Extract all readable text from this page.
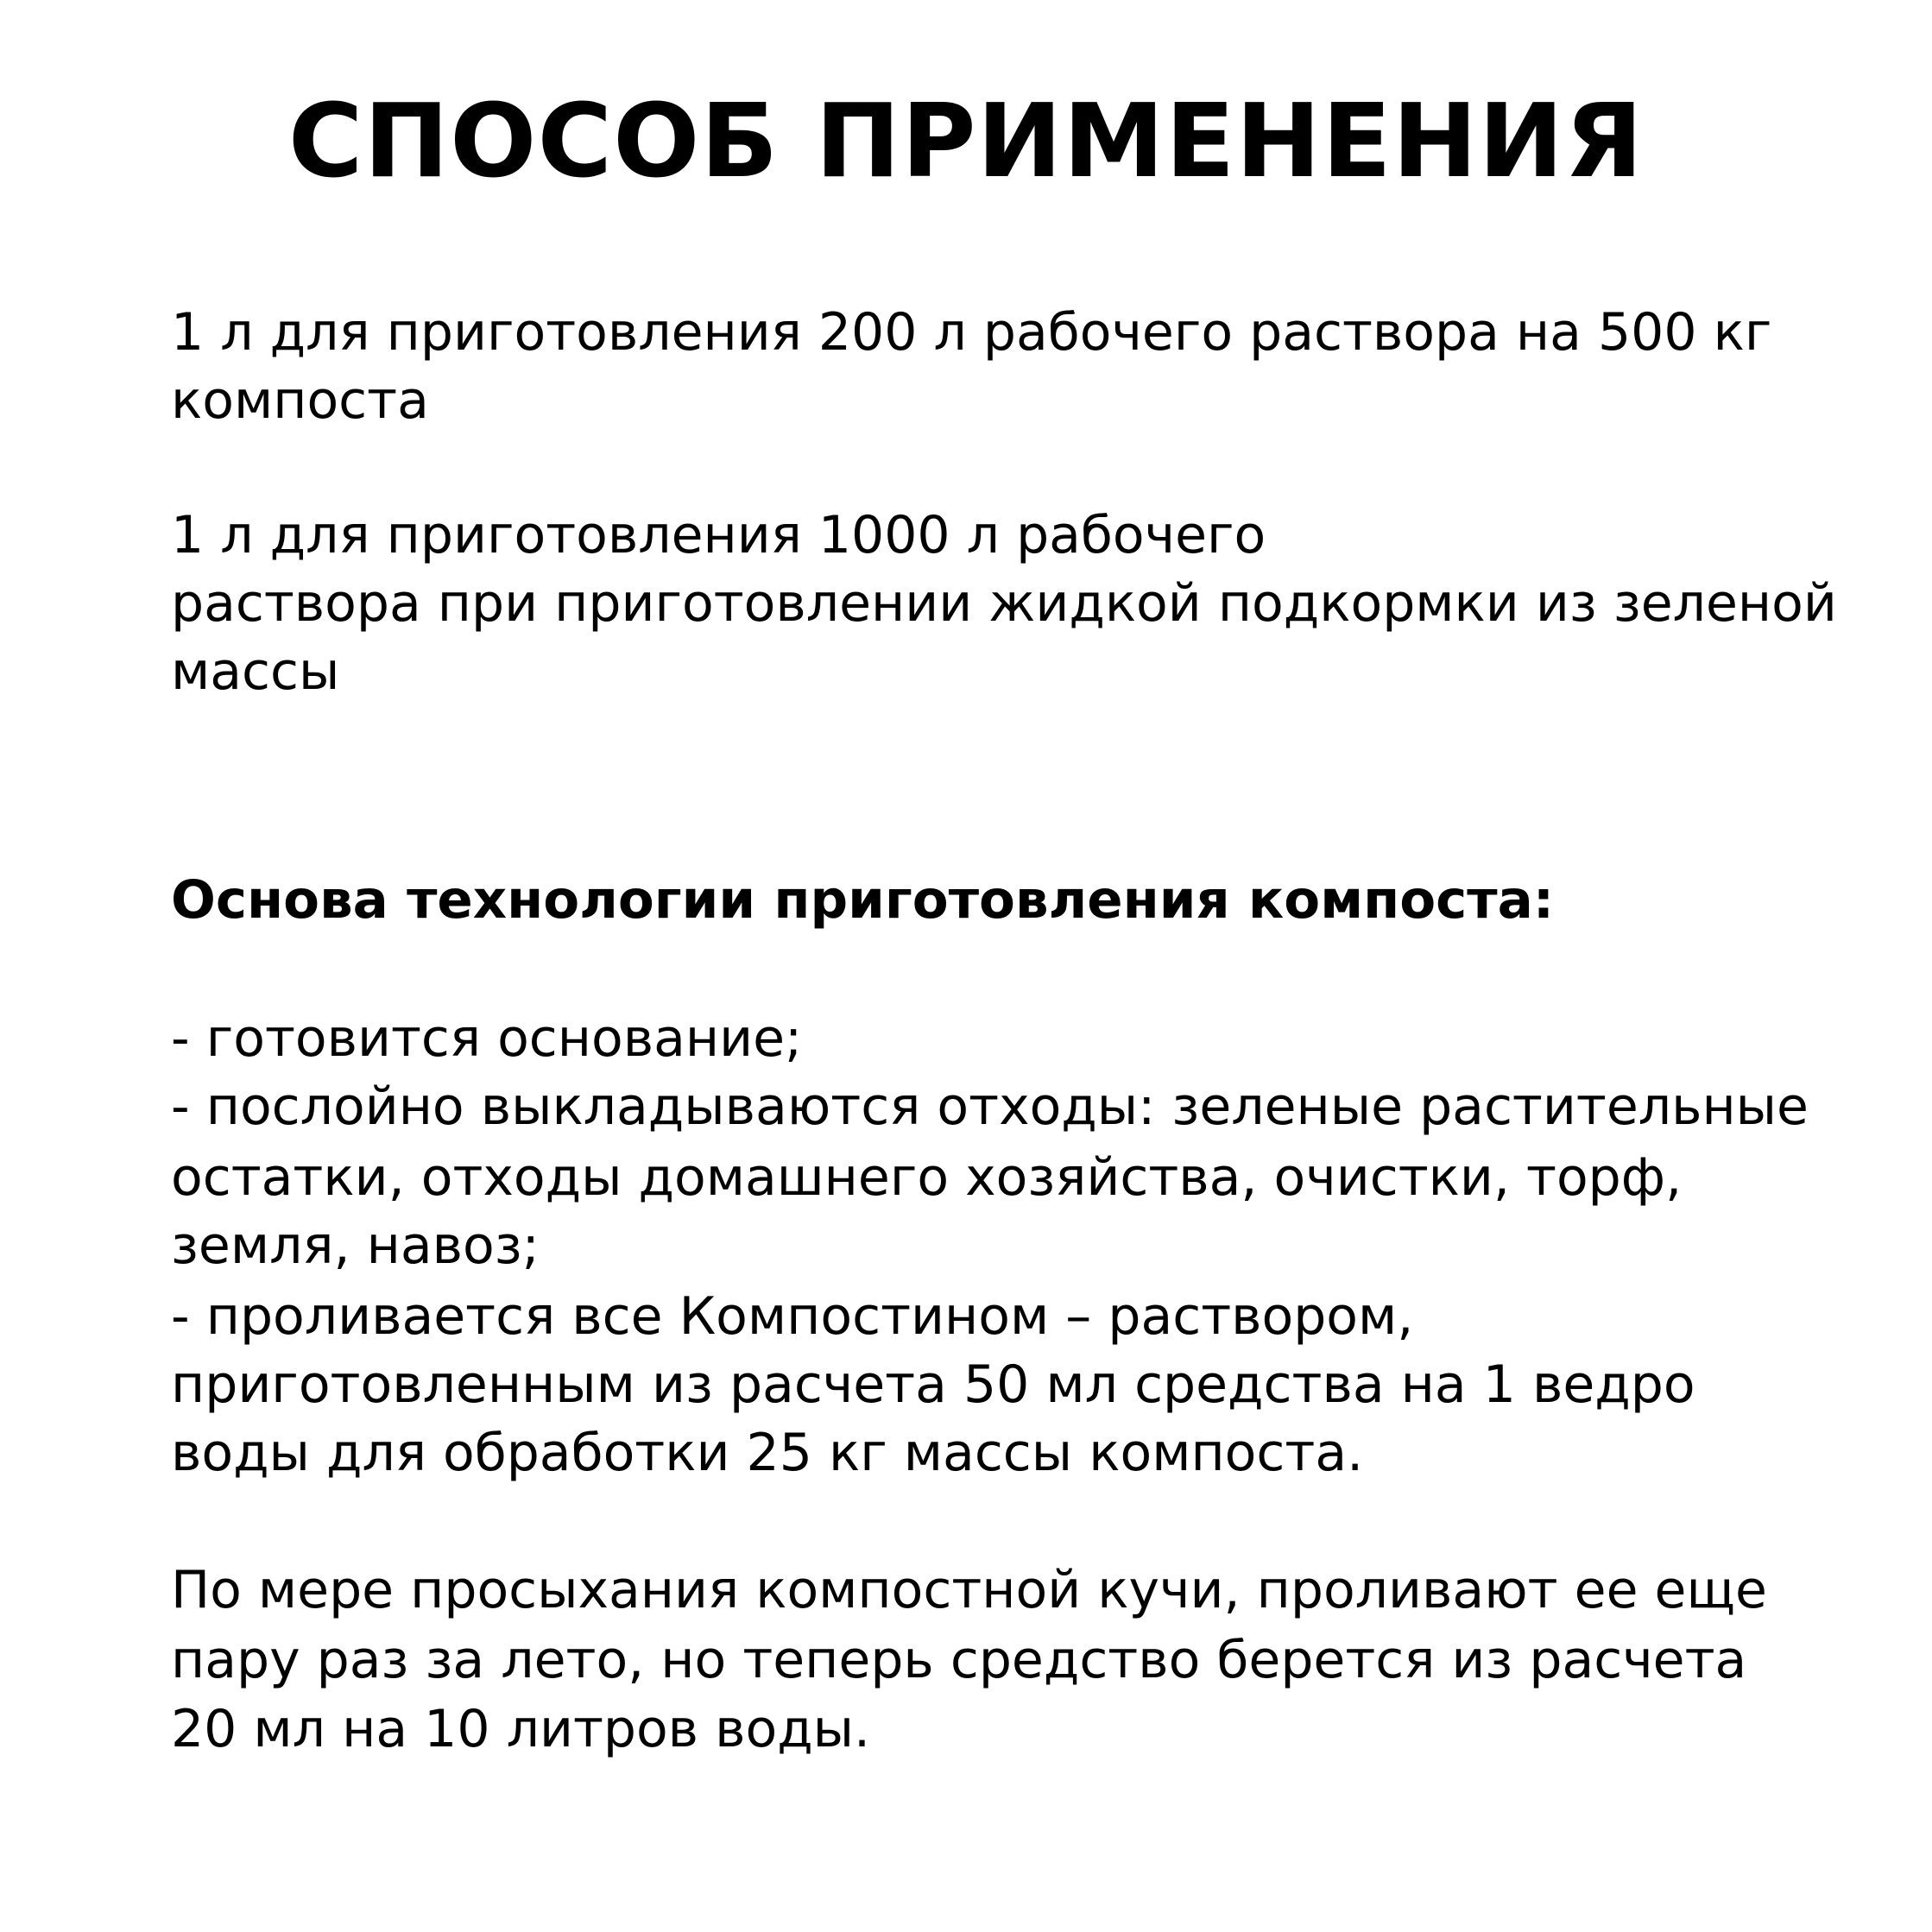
СПОСОБ ПРИМЕНЕНИЯ

1 л для приготовления 200 л рабочего раствора на 500 кг

компоста

1 л для приготовления 1000 л рабочего

раствора при приготовлении жидкой подкормки из зеленой

массы

Основа технологии приготовления компоста:

- готовится основание;

- послойно выкладываются отходы: зеленые растительные

остатки, отходы домашнего хозяйства, очистки, торф,

земля, навоз;

- проливается все Компостином – раствором,

приготовленным из расчета 50 мл средства на 1 ведро

воды для обработки 25 кг массы компоста.

По мере просыхания компостной кучи, проливают ее еще

пару раз за лето, но теперь средство берется из расчета

20 мл на 10 литров воды.
